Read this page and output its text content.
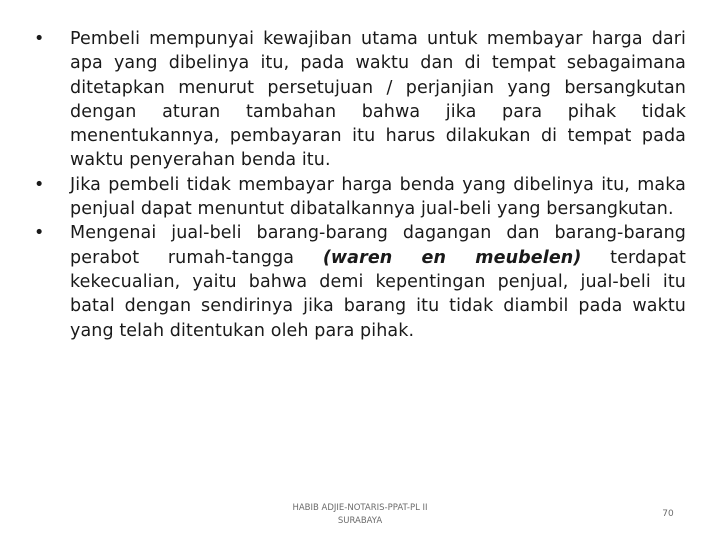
• Pembeli mempunyai kewajiban utama untuk membayar harga dari apa yang dibelinya itu, pada waktu dan di tempat sebagaimana ditetapkan menurut persetujuan / perjanjian yang bersangkutan dengan aturan tambahan bahwa jika para pihak tidak menentukannya, pembayaran itu harus dilakukan di tempat pada waktu penyerahan benda itu.
• Jika pembeli tidak membayar harga benda yang dibelinya itu, maka penjual dapat menuntut dibatalkannya jual-beli yang bersangkutan.
• Mengenai jual-beli barang-barang dagangan dan barang-barang perabot rumah-tangga (waren en meubelen) terdapat kekecualian, yaitu bahwa demi kepentingan penjual, jual-beli itu batal dengan sendirinya jika barang itu tidak diambil pada waktu yang telah ditentukan oleh para pihak.
HABIB ADJIE-NOTARIS-PPAT-PL II
SURABAYA
70
